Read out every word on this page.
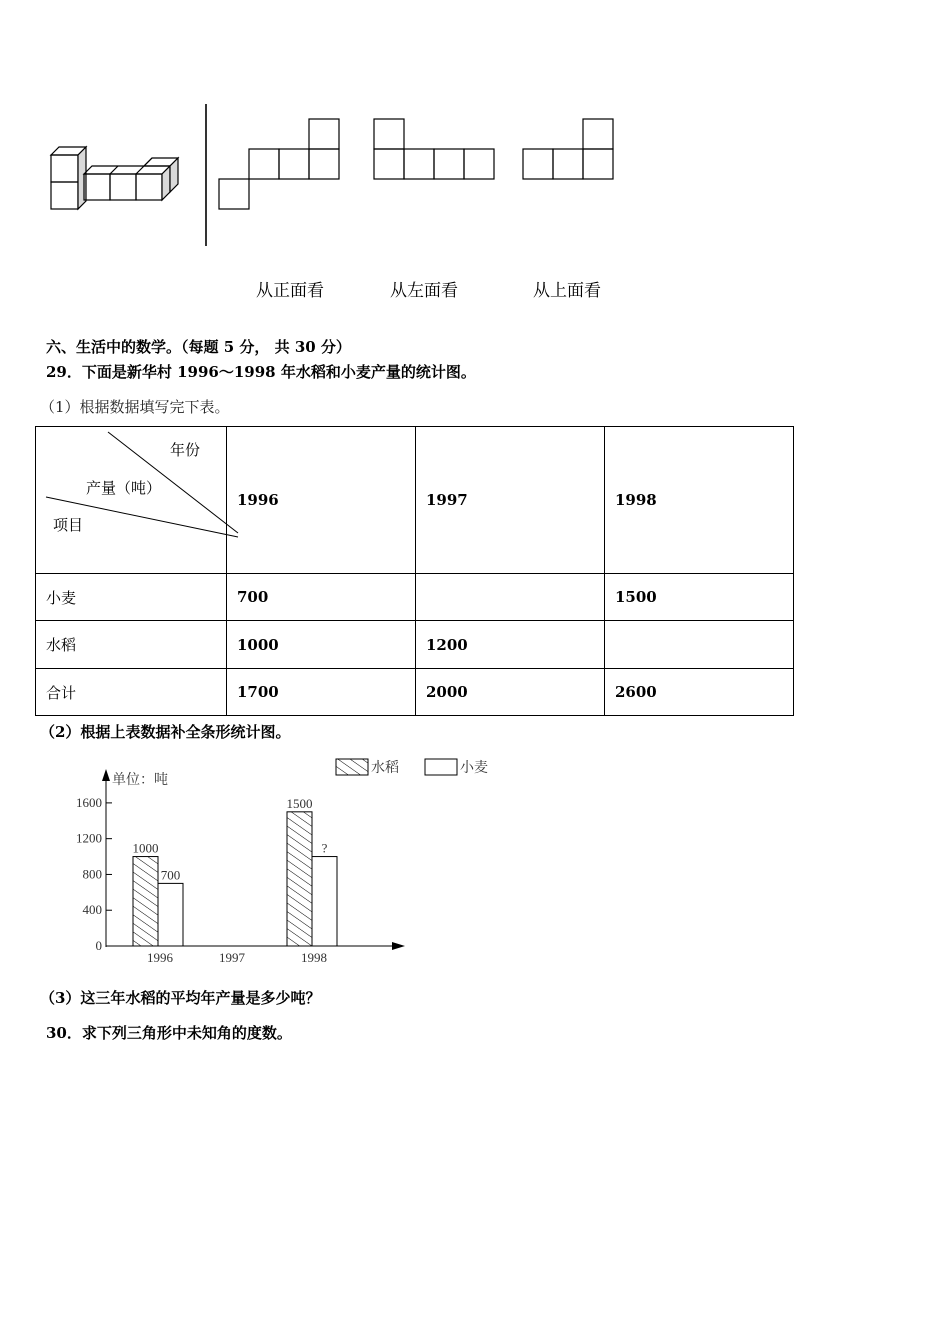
从正面看	从左面看	从上面看
六、生活中的数学。（每题 5 分， 共 30 分）
29．下面是新华村 1996～1998 年水稻和小麦产量的统计图。
（1）根据数据填写完下表。
年份
产量（吨）
项目	1996	1997	1998
小麦	700		1500
水稻	1000	1200	
合计	1700	2000	2600
（2）根据上表数据补全条形统计图。
单位：吨
水稻	小麦
0
400
800
1200
1600
1996
1000
700
1997	1998
1500
?
（3）这三年水稻的平均年产量是多少吨？
30．求下列三角形中未知角的度数。
